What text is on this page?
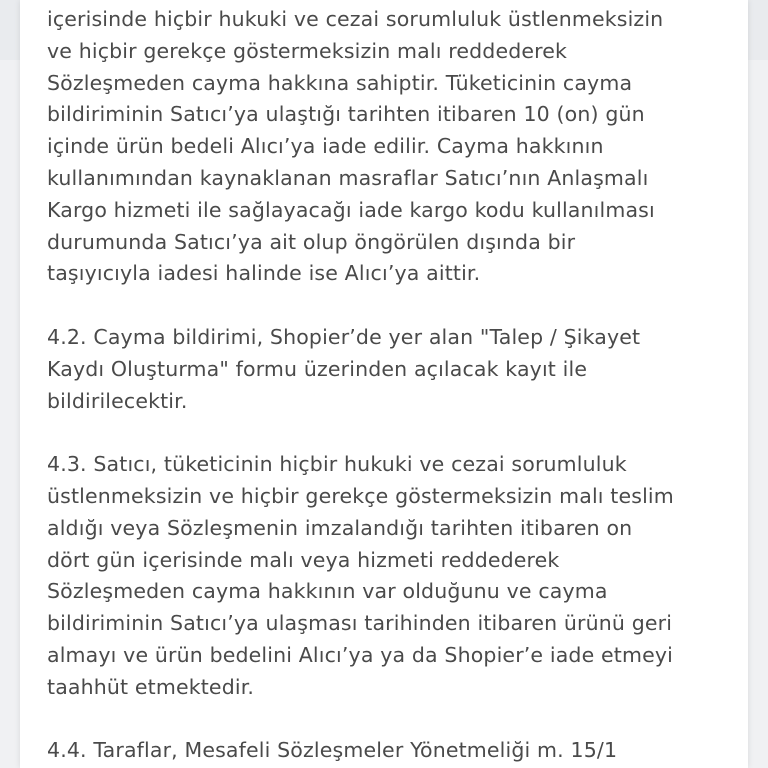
içerisinde hiçbir hukuki ve cezai sorumluluk üstlenmeksizin
ve hiçbir gerekçe göstermeksizin malı reddederek
Sözleşmeden cayma hakkına sahiptir. Tüketicinin cayma
bildiriminin Satıcı’ya ulaştığı tarihten itibaren 10 (on) gün
içinde ürün bedeli Alıcı’ya iade edilir. Cayma hakkının
kullanımından kaynaklanan masraflar Satıcı’nın Anlaşmalı
Kargo hizmeti ile sağlayacağı iade kargo kodu kullanılması
durumunda Satıcı’ya ait olup öngörülen dışında bir
taşıyıcıyla iadesi halinde ise Alıcı’ya aittir.
4.2. Cayma bildirimi, Shopier’de yer alan "Talep / Şikayet
Kaydı Oluşturma" formu üzerinden açılacak kayıt ile
bildirilecektir.
4.3. Satıcı, tüketicinin hiçbir hukuki ve cezai sorumluluk
üstlenmeksizin ve hiçbir gerekçe göstermeksizin malı teslim
aldığı veya Sözleşmenin imzalandığı tarihten itibaren on
dört gün içerisinde malı veya hizmeti reddederek
Sözleşmeden cayma hakkının var olduğunu ve cayma
bildiriminin Satıcı’ya ulaşması tarihinden itibaren ürünü geri
almayı ve ürün bedelini Alıcı’ya ya da Shopier’e iade etmeyi
taahhüt etmektedir.
4.4. Taraflar, Mesafeli Sözleşmeler Yönetmeliği m. 15/1
